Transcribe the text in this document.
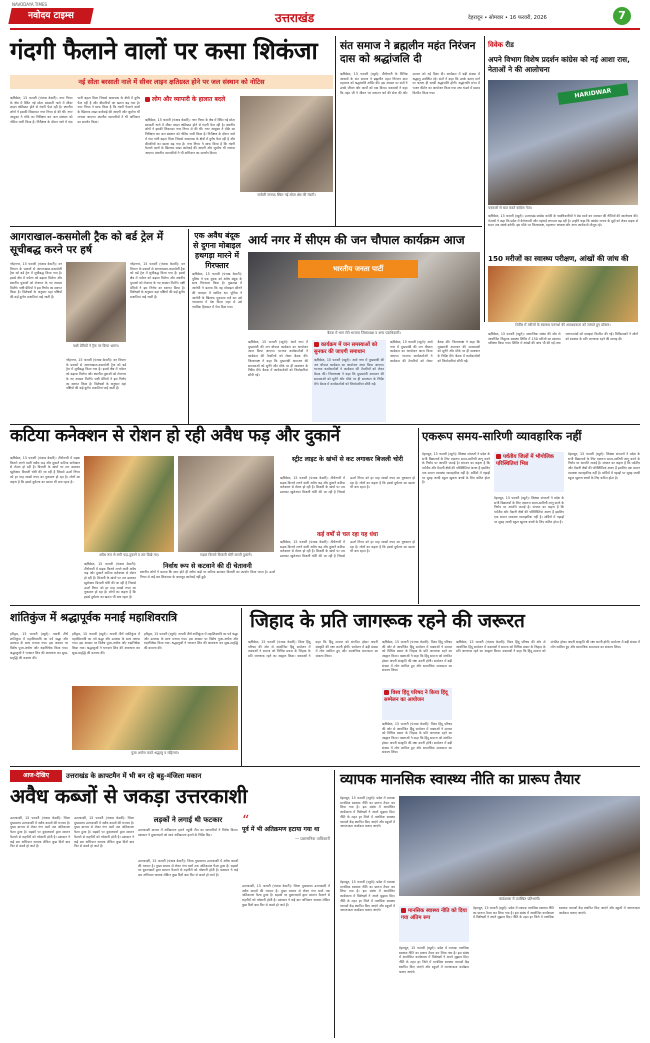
NAVODAYA TIMES
नवोदय टाइम्स	उत्तराखंड	देहरादून • सोमवार • 16 फरवरी, 2026	7
गंदगी फैलाने वालों पर कसा शिकंजा
नई सोता बरसाती नाले में सीवर लाइन क्षतिग्रस्त होने पर जल संस्थान को नोटिस
ऋषिकेश, 15 फरवरी (पंजाब केसरी): नगर निगम के क्षेत्र में स्थित नई सोता बरसाती नाले में सीवर लाइन क्षतिग्रस्त होने से गंदगी फैल रही है। स्थानीय लोगों ने इसकी शिकायत नगर निगम से की थी। नगर आयुक्त ने मौके का निरीक्षण कर जल संस्थान को नोटिस जारी किया है। निरीक्षण के दौरान नाले में गंदा पानी बहता मिला जिससे आसपास के क्षेत्रों में दुर्गंध फैल रही है और बीमारियों का खतरा बढ़ गया है। नगर निगम ने साफ किया है कि गंदगी फैलाने वालों के खिलाफ सख्त कार्रवाई की जाएगी और जुर्माना भी लगाया जाएगा। स्थानीय व्यापारियों ने भी अभियान का समर्थन किया।
लोग और व्यापारी के हालात बदले
ऋषिकेश, 15 फरवरी (पंजाब केसरी): नगर निगम के क्षेत्र में स्थित नई सोता बरसाती नाले में सीवर लाइन क्षतिग्रस्त होने से गंदगी फैल रही है। स्थानीय लोगों ने इसकी शिकायत नगर निगम से की थी। नगर आयुक्त ने मौके का निरीक्षण कर जल संस्थान को नोटिस जारी किया है। निरीक्षण के दौरान नाले में गंदा पानी बहता मिला जिससे आसपास के क्षेत्रों में दुर्गंध फैल रही है और बीमारियों का खतरा बढ़ गया है। नगर निगम ने साफ किया है कि गंदगी फैलाने वालों के खिलाफ सख्त कार्रवाई की जाएगी और जुर्माना भी लगाया जाएगा। स्थानीय व्यापारियों ने भी अभियान का समर्थन किया।
चमोली जनपद स्थित नई सोता क्षेत्र की गंदगी।
संत समाज ने ब्रह्मलीन महंत निरंजन दास को श्रद्धांजलि दी
ऋषिकेश, 15 फरवरी (ब्यूरो): तीर्थनगरी के विभिन्न आश्रमों के संत समाज ने ब्रह्मलीन महंत निरंजन दास महाराज को श्रद्धांजलि अर्पित की। इस अवसर पर संतों ने उनके जीवन और कार्यों को याद किया। वक्ताओं ने कहा कि महंत जी ने जीवन भर सनातन धर्म की सेवा की और समाज को नई दिशा दी। कार्यक्रम में बड़ी संख्या में श्रद्धालु उपस्थित रहे। संतों ने कहा कि उनके बताए मार्ग पर चलना ही सच्ची श्रद्धांजलि होगी। श्रद्धांजलि सभा में भजन कीर्तन का आयोजन किया गया तथा भंडारे में प्रसाद वितरित किया गया।
विवेक रीड
अपने विभाग विशेष प्रदर्शन कांग्रेस को नई आशा रास, नेताओं ने की आलोचना
HARIDWAR
पत्रकारों से बात करते कांग्रेस नेता।
ऋषिकेश, 15 फरवरी (ब्यूरो): उत्तराखंड कांग्रेस कमेटी के पदाधिकारियों ने प्रेस वार्ता कर सरकार की नीतियों की आलोचना की। नेताओं ने कहा कि प्रदेश में बेरोजगारी और महंगाई लगातार बढ़ रही है। उन्होंने कहा कि कांग्रेस जनता के मुद्दों को लेकर सड़क से सदन तक संघर्ष करेगी। इस मौके पर जिलाध्यक्ष, महानगर अध्यक्ष और अन्य कार्यकर्ता मौजूद रहे।
150 मरीजों का स्वास्थ्य परीक्षण, आंखों की जांच की
शिविर में मरीजों के स्वास्थ्य परामर्श की आवश्यकता को जांचते हुए डॉक्टर।
ऋषिकेश, 15 फरवरी (ब्यूरो): सामाजिक संस्था की ओर से आयोजित निशुल्क स्वास्थ्य शिविर में 150 मरीजों का स्वास्थ्य परीक्षण किया गया। शिविर में आंखों की जांच भी की गई तथा जरूरतमंदों को दवाइयां वितरित की गईं। चिकित्सकों ने लोगों को स्वास्थ्य के प्रति जागरूक रहने की सलाह दी।
आगराखाल-कसमोली ट्रैक को बर्ड ट्रेल में सूचीबद्ध करने पर हर्ष
नरेंद्रनगर, 15 फरवरी (पंजाब केसरी): वन विभाग के प्रयासों से आगराखाल-कसमोली ट्रैक को बर्ड ट्रेल में सूचीबद्ध किया गया है। इससे क्षेत्र में पर्यटन को बढ़ावा मिलेगा और स्थानीय युवाओं को रोजगार के नए अवसर मिलेंगे। पक्षी प्रेमियों ने इस निर्णय का स्वागत किया है। विशेषज्ञों के अनुसार यहां पक्षियों की कई दुर्लभ प्रजातियां पाई जाती हैं।
पक्षी प्रेमियों ने ट्रैक पर किया भ्रमण।
नरेंद्रनगर, 15 फरवरी (पंजाब केसरी): वन विभाग के प्रयासों से आगराखाल-कसमोली ट्रैक को बर्ड ट्रेल में सूचीबद्ध किया गया है। इससे क्षेत्र में पर्यटन को बढ़ावा मिलेगा और स्थानीय युवाओं को रोजगार के नए अवसर मिलेंगे। पक्षी प्रेमियों ने इस निर्णय का स्वागत किया है। विशेषज्ञों के अनुसार यहां पक्षियों की कई दुर्लभ प्रजातियां पाई जाती हैं।
नरेंद्रनगर, 15 फरवरी (पंजाब केसरी): वन विभाग के प्रयासों से आगराखाल-कसमोली ट्रैक को बर्ड ट्रेल में सूचीबद्ध किया गया है। इससे क्षेत्र में पर्यटन को बढ़ावा मिलेगा और स्थानीय युवाओं को रोजगार के नए अवसर मिलेंगे। पक्षी प्रेमियों ने इस निर्णय का स्वागत किया है। विशेषज्ञों के अनुसार यहां पक्षियों की कई दुर्लभ प्रजातियां पाई जाती हैं।
एक अवैध बंदूक से दुगना मोबाइल हथगड़ा मारने में गिरफ्तार
ऋषिकेश, 15 फरवरी (पंजाब केसरी): पुलिस ने एक युवक को अवैध बंदूक के साथ गिरफ्तार किया है। पूछताछ में आरोपी ने बताया कि वह मोबाइल छीनने की वारदात में शामिल था। पुलिस ने आरोपी के खिलाफ मुकदमा दर्ज कर उसे न्यायालय में पेश किया जहां से उसे न्यायिक हिरासत में भेज दिया गया।
आर्य नगर में सीएम की जन चौपाल कार्यक्रम आज
भारतीय जनता पार्टी
बैठक में भाग लेते भाजपा जिलाध्यक्ष व अन्य पदाधिकारी।
ऋषिकेश, 15 फरवरी (ब्यूरो): आर्य नगर में मुख्यमंत्री की जन चौपाल कार्यक्रम का आयोजन आज किया जाएगा। भाजपा कार्यकर्ताओं ने कार्यक्रम की तैयारियों को लेकर बैठक की। जिलाध्यक्ष ने कहा कि मुख्यमंत्री आमजन की समस्याओं को सुनेंगे और मौके पर ही समाधान के निर्देश देंगे। बैठक में कार्यकर्ताओं को जिम्मेदारियां सौंपी गईं।
कार्यक्रम में जन समस्याओं को सुनकर की जाएगी समाधान
ऋषिकेश, 15 फरवरी (ब्यूरो): आर्य नगर में मुख्यमंत्री की जन चौपाल कार्यक्रम का आयोजन आज किया जाएगा। भाजपा कार्यकर्ताओं ने कार्यक्रम की तैयारियों को लेकर बैठक की। जिलाध्यक्ष ने कहा कि मुख्यमंत्री आमजन की समस्याओं को सुनेंगे और मौके पर ही समाधान के निर्देश देंगे। बैठक में कार्यकर्ताओं को जिम्मेदारियां सौंपी गईं।
ऋषिकेश, 15 फरवरी (ब्यूरो): आर्य नगर में मुख्यमंत्री की जन चौपाल कार्यक्रम का आयोजन आज किया जाएगा। भाजपा कार्यकर्ताओं ने कार्यक्रम की तैयारियों को लेकर बैठक की। जिलाध्यक्ष ने कहा कि मुख्यमंत्री आमजन की समस्याओं को सुनेंगे और मौके पर ही समाधान के निर्देश देंगे। बैठक में कार्यकर्ताओं को जिम्मेदारियां सौंपी गईं।
कटिया कनेक्शन से रोशन हो रही अवैध फड़ और दुकानें
ऋषिकेश, 15 फरवरी (पंजाब केसरी): तीर्थनगरी में सड़क किनारे लगने वाली अवैध फड़ और दुकानें कटिया कनेक्शन से रोशन हो रही हैं। बिजली के खंभों पर तार डालकर खुलेआम बिजली चोरी की जा रही है जिससे ऊर्जा निगम को हर माह लाखों रुपए का नुकसान हो रहा है। लोगों का कहना है कि इससे दुर्घटना का खतरा भी बना रहता है।
अवैध रूप से लगी फड़-दुकानें व तार दिखे गए।	सड़क किनारे बिजली चोरी करती दुकानें।
ऋषिकेश, 15 फरवरी (पंजाब केसरी): तीर्थनगरी में सड़क किनारे लगने वाली अवैध फड़ और दुकानें कटिया कनेक्शन से रोशन हो रही हैं। बिजली के खंभों पर तार डालकर खुलेआम बिजली चोरी की जा रही है जिससे ऊर्जा निगम को हर माह लाखों रुपए का नुकसान हो रहा है। लोगों का कहना है कि इससे दुर्घटना का खतरा भी बना रहता है।
निर्वाध रूप से कटवाने की दी चेतावनी
स्थानीय लोगों ने बताया कि शाम होते ही अवैध फड़ों पर कटिया डालकर बिजली का उपयोग किया जाता है। ऊर्जा निगम से कई बार शिकायत के बावजूद कार्रवाई नहीं हुई।
स्ट्रीट लाइट के खंभों से कट लगाकर बिजली चोरी
ऋषिकेश, 15 फरवरी (पंजाब केसरी): तीर्थनगरी में सड़क किनारे लगने वाली अवैध फड़ और दुकानें कटिया कनेक्शन से रोशन हो रही हैं। बिजली के खंभों पर तार डालकर खुलेआम बिजली चोरी की जा रही है जिससे ऊर्जा निगम को हर माह लाखों रुपए का नुकसान हो रहा है। लोगों का कहना है कि इससे दुर्घटना का खतरा भी बना रहता है।
कई वर्षों से चल रहा यह धंधा
ऋषिकेश, 15 फरवरी (पंजाब केसरी): तीर्थनगरी में सड़क किनारे लगने वाली अवैध फड़ और दुकानें कटिया कनेक्शन से रोशन हो रही हैं। बिजली के खंभों पर तार डालकर खुलेआम बिजली चोरी की जा रही है जिससे ऊर्जा निगम को हर माह लाखों रुपए का नुकसान हो रहा है। लोगों का कहना है कि इससे दुर्घटना का खतरा भी बना रहता है।
एकरूप समय-सारिणी व्यावहारिक नहीं
देहरादून, 15 फरवरी (ब्यूरो): शिक्षक संगठनों ने प्रदेश के सभी विद्यालयों के लिए एकरूप समय-सारिणी लागू करने के निर्णय पर आपत्ति जताई है। संगठन का कहना है कि पर्वतीय और मैदानी क्षेत्रों की परिस्थितियां अलग हैं इसलिए एक समान व्यवस्था व्यावहारिक नहीं है। सर्दियों में पहाड़ों पर सुबह जल्दी स्कूल खुलना बच्चों के लिए कठिन होता है।
पर्वतीय जिलों में भौगोलिक परिस्थितियां भिन्न
देहरादून, 15 फरवरी (ब्यूरो): शिक्षक संगठनों ने प्रदेश के सभी विद्यालयों के लिए एकरूप समय-सारिणी लागू करने के निर्णय पर आपत्ति जताई है। संगठन का कहना है कि पर्वतीय और मैदानी क्षेत्रों की परिस्थितियां अलग हैं इसलिए एक समान व्यवस्था व्यावहारिक नहीं है। सर्दियों में पहाड़ों पर सुबह जल्दी स्कूल खुलना बच्चों के लिए कठिन होता है।
देहरादून, 15 फरवरी (ब्यूरो): शिक्षक संगठनों ने प्रदेश के सभी विद्यालयों के लिए एकरूप समय-सारिणी लागू करने के निर्णय पर आपत्ति जताई है। संगठन का कहना है कि पर्वतीय और मैदानी क्षेत्रों की परिस्थितियां अलग हैं इसलिए एक समान व्यवस्था व्यावहारिक नहीं है। सर्दियों में पहाड़ों पर सुबह जल्दी स्कूल खुलना बच्चों के लिए कठिन होता है।
शांतिकुंज में श्रद्धापूर्वक मनाई महाशिवरात्रि
हरिद्वार, 15 फरवरी (ब्यूरो): गायत्री तीर्थ शांतिकुंज में महाशिवरात्रि का पर्व श्रद्धा और उल्लास के साथ मनाया गया। इस अवसर पर विशेष पूजा-अर्चना और रुद्राभिषेक किया गया। श्रद्धालुओं ने भगवान शिव की आराधना कर सुख-समृद्धि की कामना की।
हरिद्वार, 15 फरवरी (ब्यूरो): गायत्री तीर्थ शांतिकुंज में महाशिवरात्रि का पर्व श्रद्धा और उल्लास के साथ मनाया गया। इस अवसर पर विशेष पूजा-अर्चना और रुद्राभिषेक किया गया। श्रद्धालुओं ने भगवान शिव की आराधना कर सुख-समृद्धि की कामना की।
पूजा अर्चना करते श्रद्धालु व महिलाएं।
हरिद्वार, 15 फरवरी (ब्यूरो): गायत्री तीर्थ शांतिकुंज में महाशिवरात्रि का पर्व श्रद्धा और उल्लास के साथ मनाया गया। इस अवसर पर विशेष पूजा-अर्चना और रुद्राभिषेक किया गया। श्रद्धालुओं ने भगवान शिव की आराधना कर सुख-समृद्धि की कामना की।
जिहाद के प्रति जागरूक रहने की जरूरत
ऋषिकेश, 15 फरवरी (पंजाब केसरी): विश्व हिंदू परिषद की ओर से आयोजित हिंदू सम्मेलन में वक्ताओं ने समाज को विभिन्न प्रकार के जिहाद के प्रति जागरूक रहने का आह्वान किया। वक्ताओं ने कहा कि हिंदू समाज को संगठित होकर अपनी संस्कृति की रक्षा करनी होगी। सम्मेलन में बड़ी संख्या में लोग शामिल हुए और सामाजिक समरसता का संकल्प लिया।
ऋषिकेश, 15 फरवरी (पंजाब केसरी): विश्व हिंदू परिषद की ओर से आयोजित हिंदू सम्मेलन में वक्ताओं ने समाज को विभिन्न प्रकार के जिहाद के प्रति जागरूक रहने का आह्वान किया। वक्ताओं ने कहा कि हिंदू समाज को संगठित होकर अपनी संस्कृति की रक्षा करनी होगी। सम्मेलन में बड़ी संख्या में लोग शामिल हुए और सामाजिक समरसता का संकल्प लिया।
विश्व हिंदू परिषद ने किया हिंदू सम्मेलन का आयोजन
ऋषिकेश, 15 फरवरी (पंजाब केसरी): विश्व हिंदू परिषद की ओर से आयोजित हिंदू सम्मेलन में वक्ताओं ने समाज को विभिन्न प्रकार के जिहाद के प्रति जागरूक रहने का आह्वान किया। वक्ताओं ने कहा कि हिंदू समाज को संगठित होकर अपनी संस्कृति की रक्षा करनी होगी। सम्मेलन में बड़ी संख्या में लोग शामिल हुए और सामाजिक समरसता का संकल्प लिया।
ऋषिकेश, 15 फरवरी (पंजाब केसरी): विश्व हिंदू परिषद की ओर से आयोजित हिंदू सम्मेलन में वक्ताओं ने समाज को विभिन्न प्रकार के जिहाद के प्रति जागरूक रहने का आह्वान किया। वक्ताओं ने कहा कि हिंदू समाज को संगठित होकर अपनी संस्कृति की रक्षा करनी होगी। सम्मेलन में बड़ी संख्या में लोग शामिल हुए और सामाजिक समरसता का संकल्प लिया।
आज-देखिए	उत्तराखंड के क्राफ्टमैन में भी बन रहे बहु-मंजिला मकान
अवैध कब्जों से जकड़ा उत्तरकाशी
उत्तरकाशी, 15 फरवरी (पंजाब केसरी): जिला मुख्यालय उत्तरकाशी में अवैध कब्जों की भरमार है। मुख्य बाजार से लेकर गंगा घाटों तक अतिक्रमण फैला हुआ है। सड़कों पर दुकानदारों द्वारा सामान फैलाने से राहगीरों को परेशानी होती है। प्रशासन ने कई बार अभियान चलाया लेकिन कुछ दिनों बाद फिर से कब्जे हो जाते हैं।
उत्तरकाशी, 15 फरवरी (पंजाब केसरी): जिला मुख्यालय उत्तरकाशी में अवैध कब्जों की भरमार है। मुख्य बाजार से लेकर गंगा घाटों तक अतिक्रमण फैला हुआ है। सड़कों पर दुकानदारों द्वारा सामान फैलाने से राहगीरों को परेशानी होती है। प्रशासन ने कई बार अभियान चलाया लेकिन कुछ दिनों बाद फिर से कब्जे हो जाते हैं।
लड़कों ने लगाई थी फटकार
उत्तरकाशी बाजार में अतिक्रमण हटाने पहुंची टीम का व्यापारियों ने विरोध किया। प्रशासन ने दुकानदारों को स्वयं अतिक्रमण हटाने के निर्देश दिए।
उत्तरकाशी, 15 फरवरी (पंजाब केसरी): जिला मुख्यालय उत्तरकाशी में अवैध कब्जों की भरमार है। मुख्य बाजार से लेकर गंगा घाटों तक अतिक्रमण फैला हुआ है। सड़कों पर दुकानदारों द्वारा सामान फैलाने से राहगीरों को परेशानी होती है। प्रशासन ने कई बार अभियान चलाया लेकिन कुछ दिनों बाद फिर से कब्जे हो जाते हैं।
“
पूर्व में भी अतिक्रमण हटाया गया था
— प्रशासनिक अधिकारी
उत्तरकाशी, 15 फरवरी (पंजाब केसरी): जिला मुख्यालय उत्तरकाशी में अवैध कब्जों की भरमार है। मुख्य बाजार से लेकर गंगा घाटों तक अतिक्रमण फैला हुआ है। सड़कों पर दुकानदारों द्वारा सामान फैलाने से राहगीरों को परेशानी होती है। प्रशासन ने कई बार अभियान चलाया लेकिन कुछ दिनों बाद फिर से कब्जे हो जाते हैं।
व्यापक मानसिक स्वास्थ्य नीति का प्रारूप तैयार
देहरादून, 15 फरवरी (ब्यूरो): प्रदेश में व्यापक मानसिक स्वास्थ्य नीति का प्रारूप तैयार कर लिया गया है। इस संबंध में आयोजित कार्यशाला में विशेषज्ञों ने अपने सुझाव दिए। नीति के तहत हर जिले में मानसिक स्वास्थ्य परामर्श केंद्र स्थापित किए जाएंगे और स्कूलों में जागरूकता कार्यक्रम चलाए जाएंगे।
कार्यशाला में उपस्थित प्रतिभागी।
देहरादून, 15 फरवरी (ब्यूरो): प्रदेश में व्यापक मानसिक स्वास्थ्य नीति का प्रारूप तैयार कर लिया गया है। इस संबंध में आयोजित कार्यशाला में विशेषज्ञों ने अपने सुझाव दिए। नीति के तहत हर जिले में मानसिक स्वास्थ्य परामर्श केंद्र स्थापित किए जाएंगे और स्कूलों में जागरूकता कार्यक्रम चलाए जाएंगे।	मानसिक स्वास्थ्य नीति को दिया गया अंतिम रूप
देहरादून, 15 फरवरी (ब्यूरो): प्रदेश में व्यापक मानसिक स्वास्थ्य नीति का प्रारूप तैयार कर लिया गया है। इस संबंध में आयोजित कार्यशाला में विशेषज्ञों ने अपने सुझाव दिए। नीति के तहत हर जिले में मानसिक स्वास्थ्य परामर्श केंद्र स्थापित किए जाएंगे और स्कूलों में जागरूकता कार्यक्रम चलाए जाएंगे।
देहरादून, 15 फरवरी (ब्यूरो): प्रदेश में व्यापक मानसिक स्वास्थ्य नीति का प्रारूप तैयार कर लिया गया है। इस संबंध में आयोजित कार्यशाला में विशेषज्ञों ने अपने सुझाव दिए। नीति के तहत हर जिले में मानसिक स्वास्थ्य परामर्श केंद्र स्थापित किए जाएंगे और स्कूलों में जागरूकता कार्यक्रम चलाए जाएंगे।
